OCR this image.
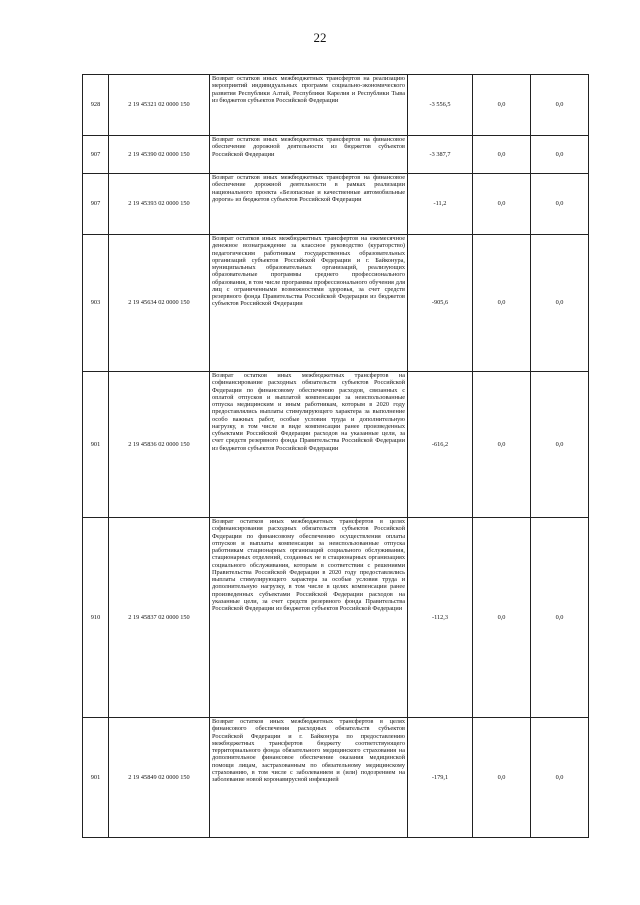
22
928	2 19 45321 02 0000 150	Возврат остатков иных межбюджетных трансфертов на реализацию мероприятий индивидуальных программ социально-экономического развития Республики Алтай, Республики Карелия и Республики Тыва из бюджетов субъектов Российской Федерации	-3 556,5	0,0	0,0
907	2 19 45390 02 0000 150	Возврат остатков иных межбюджетных трансфертов на финансовое обеспечение дорожной деятельности из бюджетов субъектов Российской Федерации	-3 387,7	0,0	0,0
907	2 19 45393 02 0000 150	Возврат остатков иных межбюджетных трансфертов на финансовое обеспечение дорожной деятельности в рамках реализации национального проекта «Безопасные и качественные автомобильные дороги» из бюджетов субъектов Российской Федерации	-11,2	0,0	0,0
903	2 19 45634 02 0000 150	Возврат остатков иных межбюджетных трансфертов на ежемесячное денежное вознаграждение за классное руководство (кураторство) педагогическим работникам государственных образовательных организаций субъектов Российской Федерации и г. Байконура, муниципальных образовательных организаций, реализующих образовательные программы среднего профессионального образования, в том числе программы профессионального обучения для лиц с ограниченными возможностями здоровья, за счет средств резервного фонда Правительства Российской Федерации из бюджетов субъектов Российской Федерации	-905,6	0,0	0,0
901	2 19 45836 02 0000 150	Возврат остатков иных межбюджетных трансфертов на софинансирование расходных обязательств субъектов Российской Федерации по финансовому обеспечению расходов, связанных с оплатой отпусков и выплатой компенсации за неиспользованные отпуска медицинским и иным работникам, которым в 2020 году предоставлялись выплаты стимулирующего характера за выполнение особо важных работ, особые условия труда и дополнительную нагрузку, в том числе в виде компенсации ранее произведенных субъектами Российской Федерации расходов на указанные цели, за счет средств резервного фонда Правительства Российской Федерации из бюджетов субъектов Российской Федерации	-616,2	0,0	0,0
910	2 19 45837 02 0000 150	Возврат остатков иных межбюджетных трансфертов в целях софинансирования расходных обязательств субъектов Российской Федерации по финансовому обеспечению осуществления оплаты отпусков и выплаты компенсации за неиспользованные отпуска работникам стационарных организаций социального обслуживания, стационарных отделений, созданных не в стационарных организациях социального обслуживания, которым в соответствии с решениями Правительства Российской Федерации в 2020 году предоставлялись выплаты стимулирующего характера за особые условия труда и дополнительную нагрузку, в том числе в целях компенсации ранее произведенных субъектами Российской Федерации расходов на указанные цели, за счет средств резервного фонда Правительства Российской Федерации из бюджетов субъектов Российской Федерации	-112,3	0,0	0,0
901	2 19 45849 02 0000 150	Возврат остатков иных межбюджетных трансфертов в целях финансового обеспечения расходных обязательств субъектов Российской Федерации и г. Байконура по предоставлению межбюджетных трансфертов бюджету соответствующего территориального фонда обязательного медицинского страхования на дополнительное финансовое обеспечение оказания медицинской помощи лицам, застрахованным по обязательному медицинскому страхованию, в том числе с заболеванием и (или) подозрением на заболевание новой коронавирусной инфекцией	-179,1	0,0	0,0
